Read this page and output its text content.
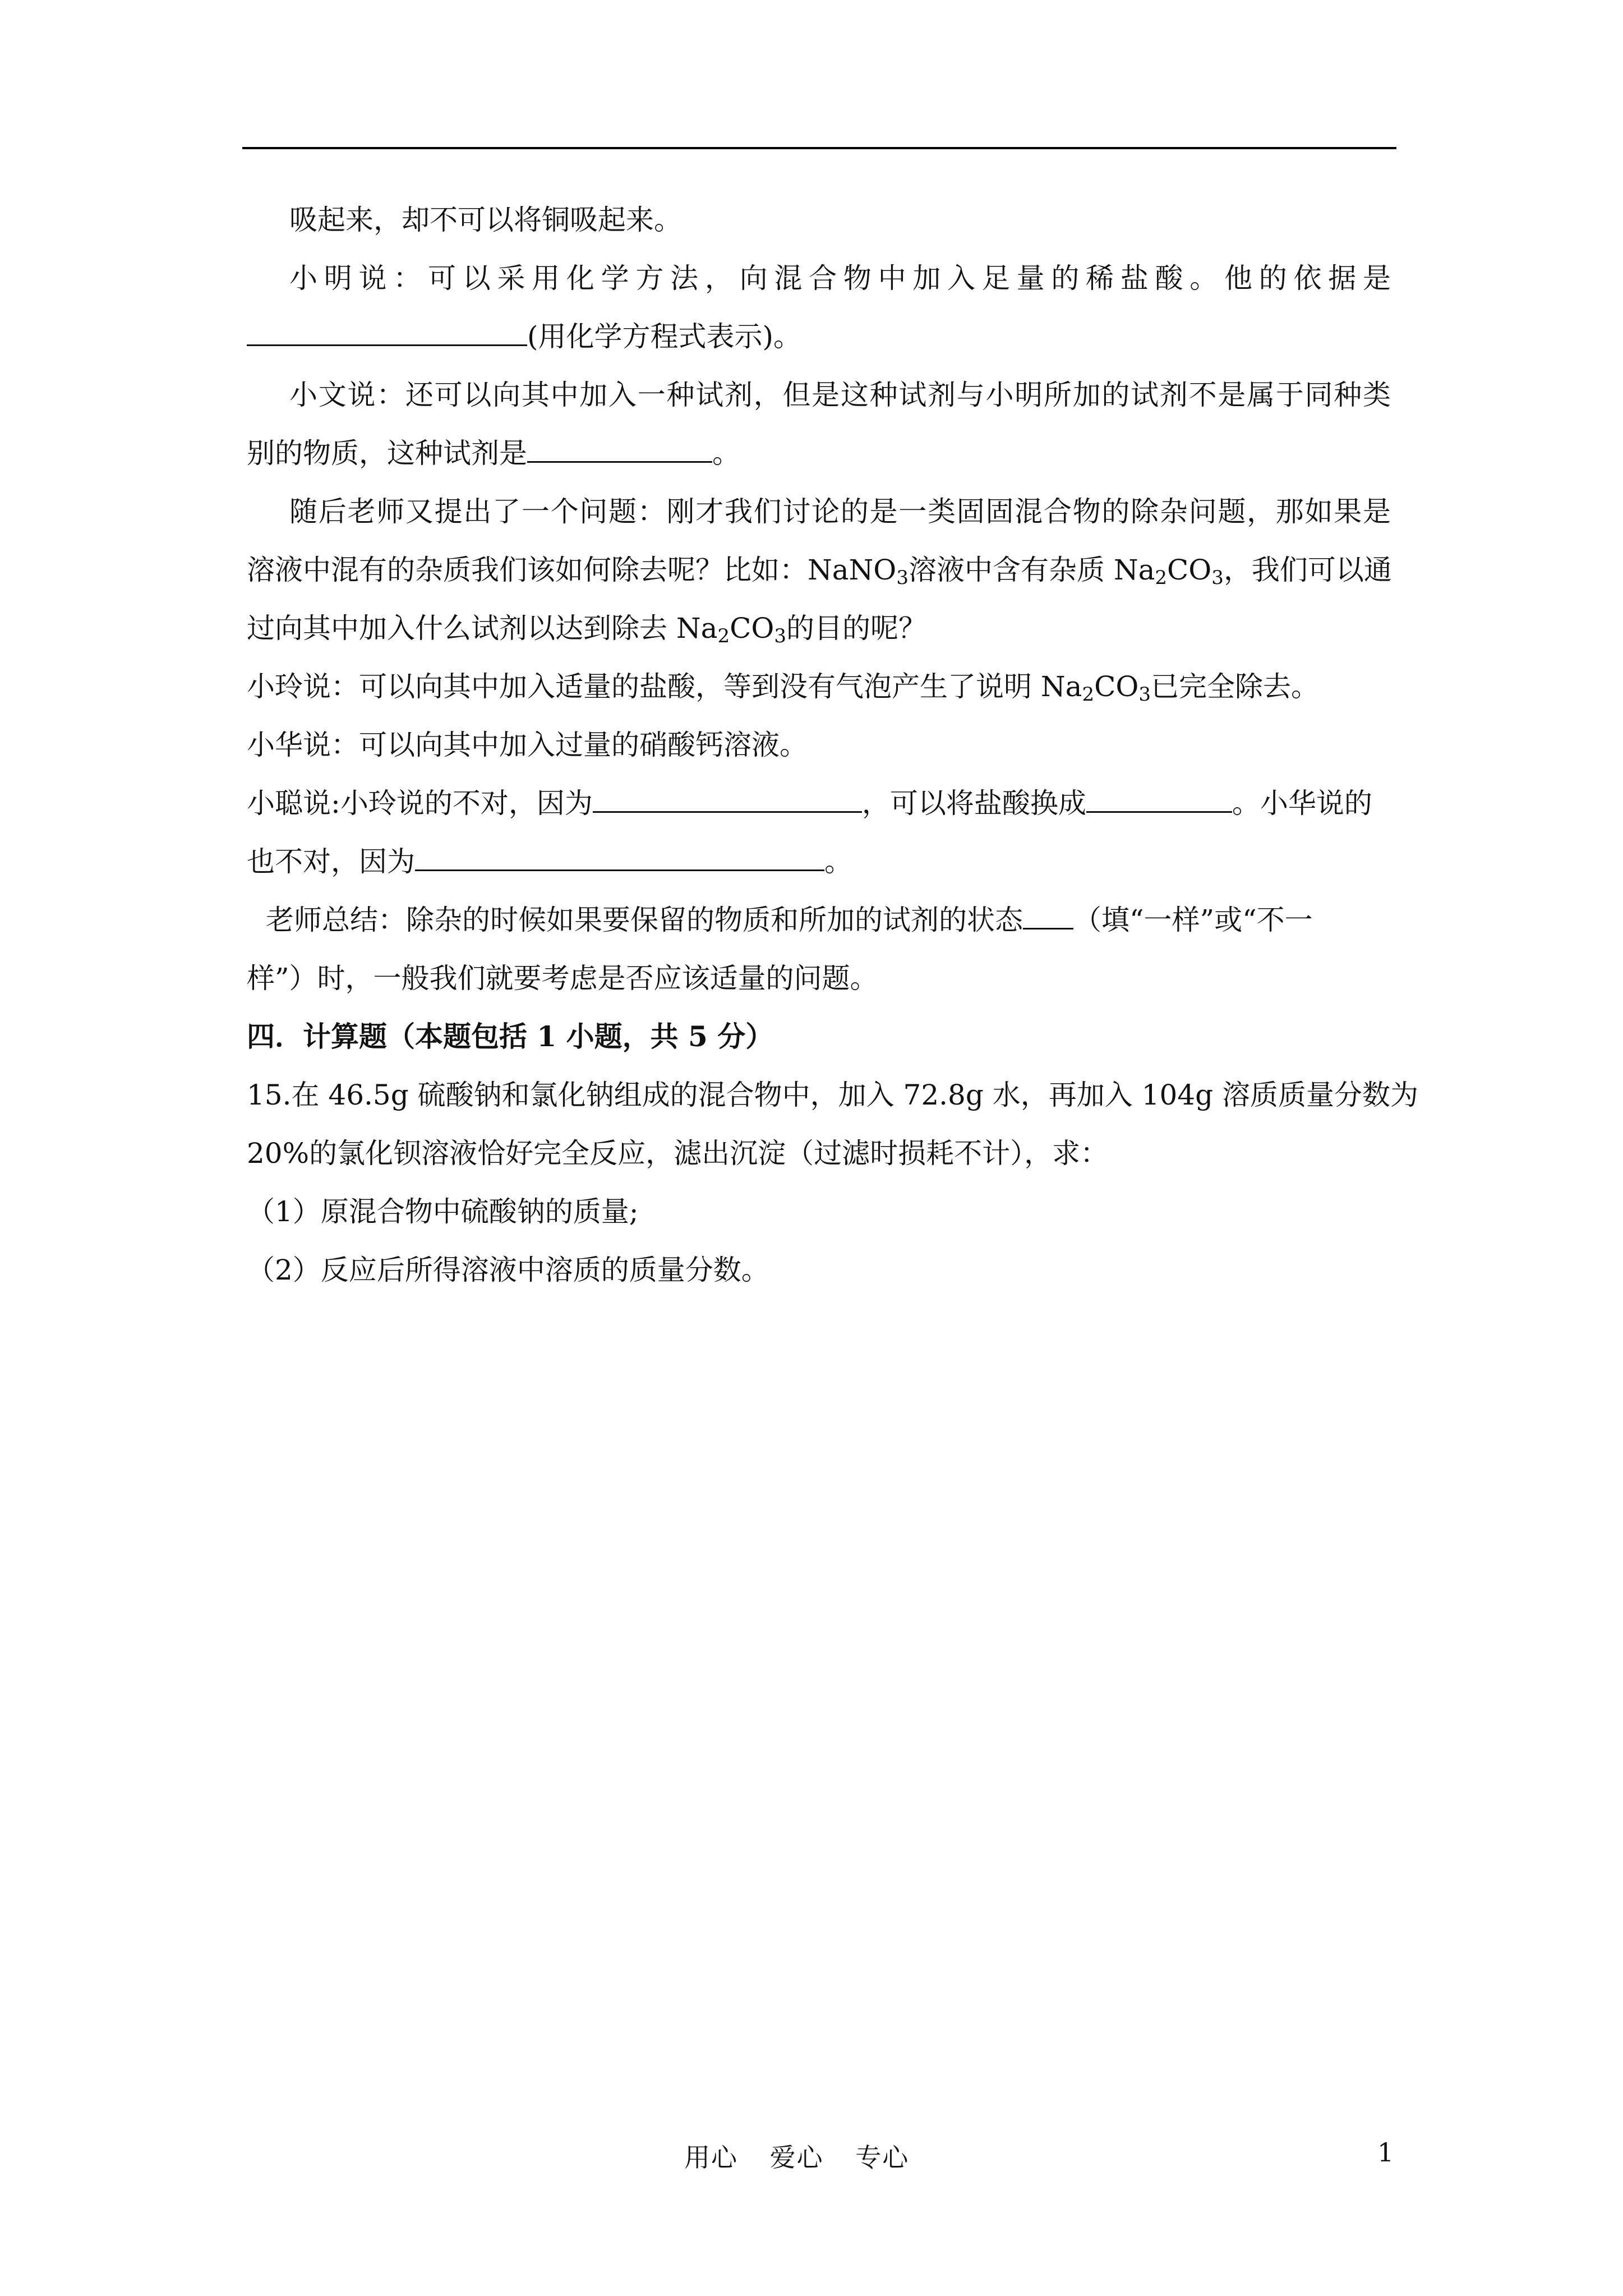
吸起来，却不可以将铜吸起来。
小明说：可以采用化学方法，向混合物中加入足量的稀盐酸。他的依据是
(用化学方程式表示)。
小文说：还可以向其中加入一种试剂，但是这种试剂与小明所加的试剂不是属于同种类
别的物质，这种试剂是	。
随后老师又提出了一个问题：刚才我们讨论的是一类固固混合物的除杂问题，那如果是
溶液中混有的杂质我们该如何除去呢？比如：NaNO$_3$溶液中含有杂质 $Na_2CO_3$，我们可以通
过向其中加入什么试剂以达到除去 $Na_2CO_3$的目的呢？
小玲说：可以向其中加入适量的盐酸，等到没有气泡产生了说明 $Na_2CO_3$已完全除去。
小华说：可以向其中加入过量的硝酸钙溶液。
小聪说:小玲说的不对，因为	，可以将盐酸换成	。小华说的
也不对，因为	。
老师总结：除杂的时候如果要保留的物质和所加的试剂的状态 （填“一样”或“不一
样”）时，一般我们就要考虑是否应该适量的问题。
四．计算题（本题包括 1 小题，共 5 分）
15.在 46.5g 硫酸钠和氯化钠组成的混合物中，加入 72.8g 水，再加入 104g 溶质质量分数为
20%的氯化钡溶液恰好完全反应，滤出沉淀（过滤时损耗不计），求：
（1）原混合物中硫酸钠的质量;
（2）反应后所得溶液中溶质的质量分数。
用心 爱心 专心	1
